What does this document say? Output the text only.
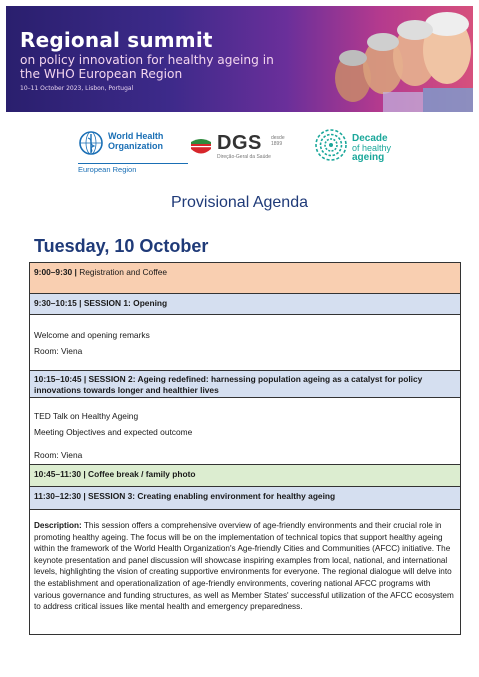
Regional summit
on policy innovation for healthy ageing in
the WHO European Region
10–11 October 2023, Lisbon, Portugal
World Health
Organization
European Region
DGS desde
1899
Direção-Geral da Saúde
Decade
of healthy
ageing
Provisional Agenda
Tuesday, 10 October
9:00–9:30 | Registration and Coffee
9:30–10:15 | SESSION 1: Opening
Welcome and opening remarks
Room: Viena
10:15–10:45 | SESSION 2: Ageing redefined: harnessing population ageing as a catalyst for policy
innovations towards longer and healthier lives
TED Talk on Healthy Ageing
Meeting Objectives and expected outcome
Room: Viena
10:45–11:30 | Coffee break / family photo
11:30–12:30 | SESSION 3: Creating enabling environment for healthy ageing
Description: This session offers a comprehensive overview of age-friendly environments and their crucial role in promoting healthy ageing. The focus will be on the implementation of technical topics that support healthy ageing within the framework of the World Health Organization's Age-friendly Cities and Communities (AFCC) initiative. The keynote presentation and panel discussion will showcase inspiring examples from local, national, and international levels, highlighting the vision of creating supportive environments for everyone. The regional dialogue will delve into the establishment and operationalization of age-friendly environments, covering national AFCC programs with various governance and funding structures, as well as Member States' successful utilization of the AFCC ecosystem to address critical issues like mental health and emergency preparedness.
